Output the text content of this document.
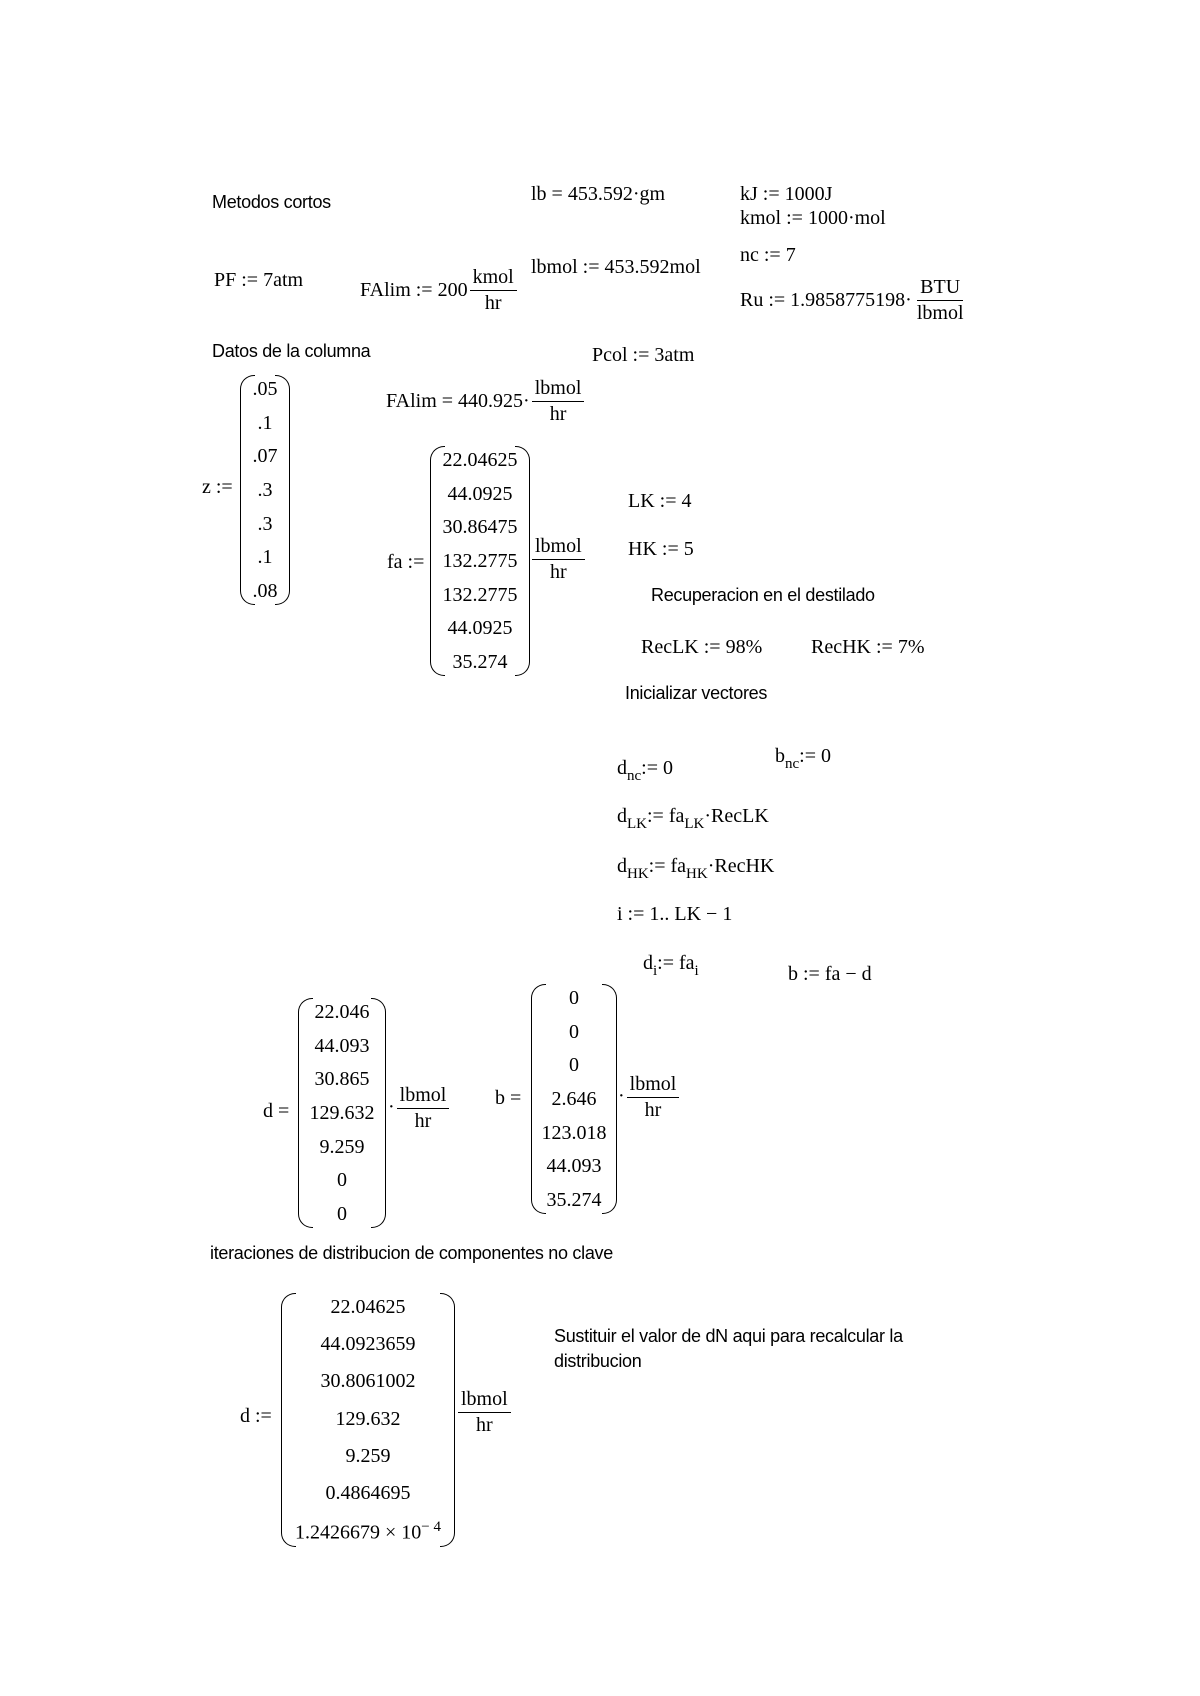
Metodos cortos	lb = 453.592·gm	kJ := 1000J
kmol := 1000·mol
PF := 7atm	FAlim := $200 \frac{\text{kmol}}{hr}$ lbmol := 453.592mol
nc := 7
Ru := $1.9858775198\cdot \frac{\text{BTU}}{\text{lbmol}}$
Datos de la columna	Pcol := 3atm
$FAlim = 440.925\cdot \frac{\text{lbmol}}{hr}$
z :=
.05
.1
.07
.3
.3
.1
.08
fa :=
22.04625
44.0925
30.86475
132.2775
132.2775
44.0925
35.274
$\frac{\text{lbmol}}{hr}$
LK := 4
HK := 5
Recuperacion en el destilado
RecLK := 98% RecHK := 7%
Inicializar vectores
$d_{nc}:= 0$
$b_{nc}:= 0$
$d_{LK}:=$ $fa_{LK}\cdot RecLK$
$d_{HK}:=$ $fa_{HK}\cdot RecHK$
i := 1.. LK − 1
$d_i:= fa_i$	b := fa − d
d =
22.046
44.093
30.865
129.632
9.259
0
0
· $\frac{\text{lbmol}}{hr}$ b =
0
0
0
2.646
123.018
44.093
35.274
· $\frac{\text{lbmol}}{hr}$
iteraciones de distribucion de componentes no clave
d :=
22.04625
44.0923659
30.8061002
129.632
9.259
0.4864695
$1.2426679 \times 10^{- 4}$
$\frac{\text{lbmol}}{hr}$
Sustituir el valor de dN aqui para recalcular la distribucion
